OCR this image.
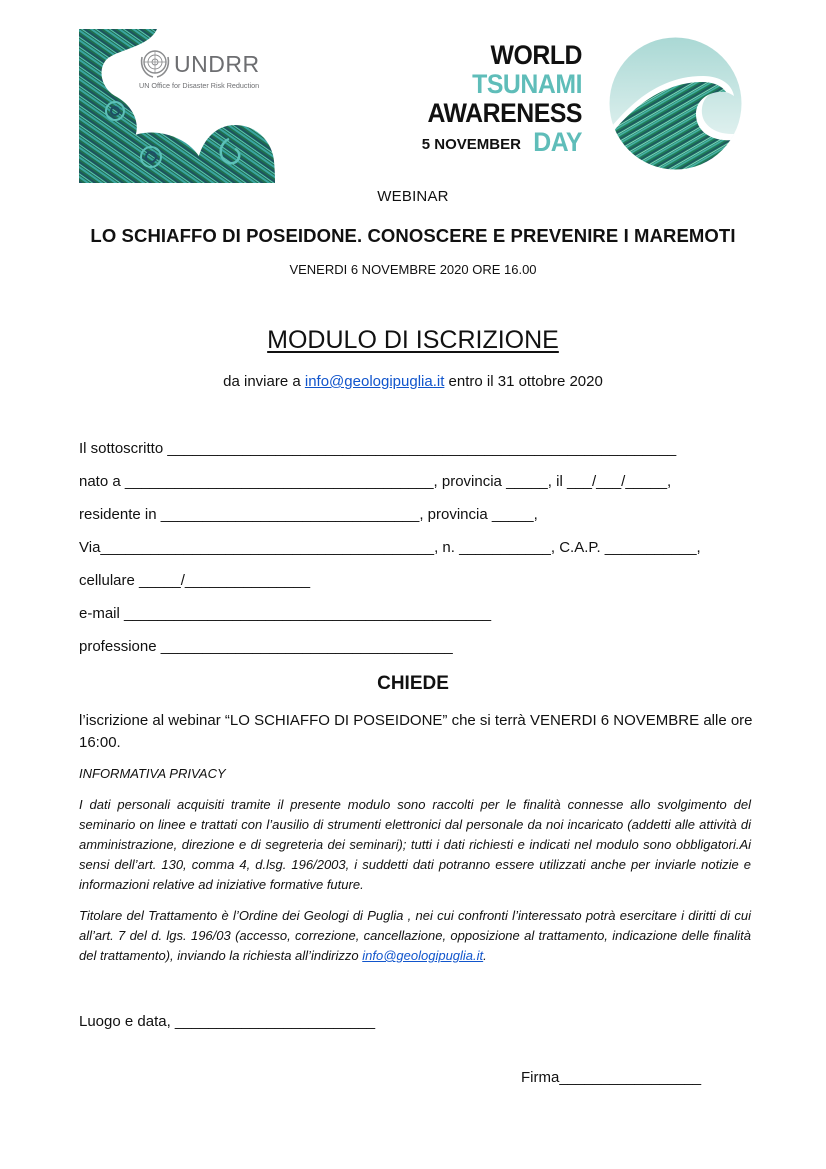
UNDRR
UN Office for Disaster Risk Reduction
WORLD
TSUNAMI
AWARENESS
5 NOVEMBER DAY
WEBINAR
LO SCHIAFFO DI POSEIDONE. CONOSCERE E PREVENIRE I MAREMOTI
VENERDI 6 NOVEMBRE 2020 ORE 16.00
MODULO DI ISCRIZIONE
da inviare a info@geologipuglia.it entro il 31 ottobre 2020
Il sottoscritto _____________________________________________________________
nato a _____________________________________, provincia _____, il ___/___/_____,
residente in _______________________________, provincia _____,
Via________________________________________, n. ___________, C.A.P. ___________,
cellulare _____/_______________
e-mail ____________________________________________
professione ___________________________________
CHIEDE
l’iscrizione al webinar “LO SCHIAFFO DI POSEIDONE” che si terrà VENERDI 6 NOVEMBRE alle ore 16:00.
INFORMATIVA PRIVACY
I dati personali acquisiti tramite il presente modulo sono raccolti per le finalità connesse allo svolgimento del seminario on linee e trattati con l’ausilio di strumenti elettronici dal personale da noi incaricato (addetti alle attività di amministrazione, direzione e di segreteria dei seminari); tutti i dati richiesti e indicati nel modulo sono obbligatori.Ai sensi dell’art. 130, comma 4, d.lsg. 196/2003, i suddetti dati potranno essere utilizzati anche per inviarle notizie e informazioni relative ad iniziative formative future.
Titolare del Trattamento è l’Ordine dei Geologi di Puglia , nei cui confronti l’interessato potrà esercitare i diritti di cui all’art. 7 del d. lgs. 196/03 (accesso, correzione, cancellazione, opposizione al trattamento, indicazione delle finalità del trattamento), inviando la richiesta all’indirizzo info@geologipuglia.it.
Luogo e data, ________________________
Firma_________________
